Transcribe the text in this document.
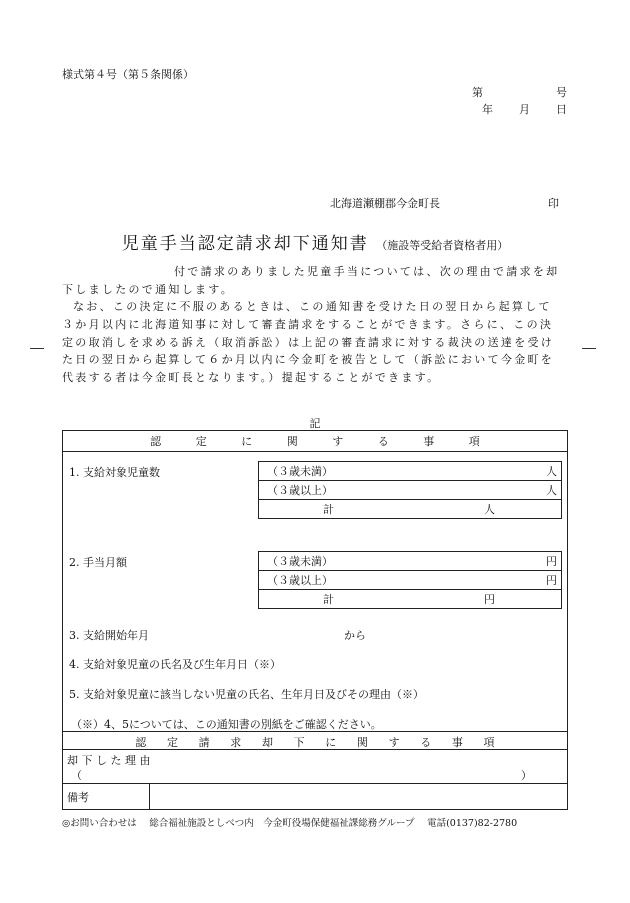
様式第４号（第５条関係）
第	号
年 月 日
北海道瀬棚郡今金町長	印
児童手当認定請求却下通知書 （施設等受給者資格者用）
付で請求のありました児童手当については、次の理由で請求を却下しましたので通知します。
なお、この決定に不服のあるときは、この通知書を受けた日の翌日から起算して３か月以内に北海道知事に対して審査請求をすることができます。さらに、この決定の取消しを求める訴え（取消訴訟）は上記の審査請求に対する裁決の送達を受けた日の翌日から起算して６か月以内に今金町を被告として（訴訟において今金町を代表する者は今金町長となります。）提起することができます。
記
認	定	に	関	す	る	事	項
1. 支給対象児童数	（３歳未満）	人
（３歳以上）	人
計	人
2. 手当月額	（３歳未満）	円
（３歳以上）	円
計	円
3. 支給開始年月	から
4. 支給対象児童の氏名及び生年月日（※）
5. 支給対象児童に該当しない児童の氏名、生年月日及びその理由（※）
（※）4、5については、この通知書の別紙をご確認ください。
認 定 請 求 却 下 に 関 す る 事 項
却 下 し た 理 由
（	）
備考
◎お問い合わせは　 総合福祉施設としべつ内　今金町役場保健福祉課総務グループ　 電話(0137)82-2780
